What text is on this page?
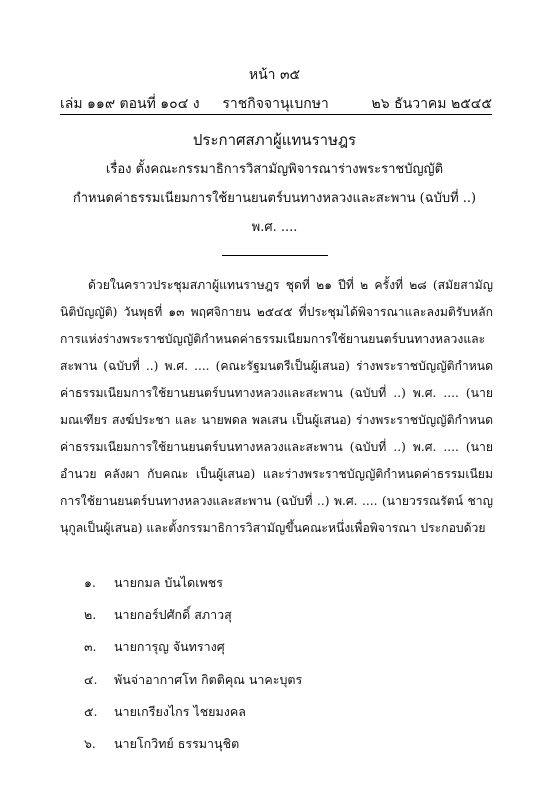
หน้า ๓๕
เล่ม ๑๑๙ ตอนที่ ๑๐๔ ง ราชกิจจานุเบกษา	๒๖ ธันวาคม ๒๕๔๕
ประกาศสภาผู้แทนราษฎร
เรื่อง ตั้งคณะกรรมาธิการวิสามัญพิจารณาร่างพระราชบัญญัติ
กำหนดค่าธรรมเนียมการใช้ยานยนตร์บนทางหลวงและสะพาน (ฉบับที่ ..)
พ.ศ. ....

ด้วยในคราวประชุมสภาผู้แทนราษฎร ชุดที่ ๒๑ ปีที่ ๒ ครั้งที่ ๒๘ (สมัยสามัญนิติบัญญัติ) วันพุธที่ ๑๓ พฤศจิกายน ๒๕๔๕ ที่ประชุมได้พิจารณาและลงมติรับหลักการแห่งร่างพระราชบัญญัติกำหนดค่าธรรมเนียมการใช้ยานยนตร์บนทางหลวงและสะพาน (ฉบับที่ ..) พ.ศ. .... (คณะรัฐมนตรีเป็นผู้เสนอ) ร่างพระราชบัญญัติกำหนดค่าธรรมเนียมการใช้ยานยนตร์บนทางหลวงและสะพาน (ฉบับที่ ..) พ.ศ. .... (นายมณเฑียร สงฆ์ประชา และ นายพดล พลเสน เป็นผู้เสนอ) ร่างพระราชบัญญัติกำหนดค่าธรรมเนียมการใช้ยานยนตร์บนทางหลวงและสะพาน (ฉบับที่ ..) พ.ศ. .... (นายอำนวย คลังผา กับคณะ เป็นผู้เสนอ) และร่างพระราชบัญญัติกำหนดค่าธรรมเนียมการใช้ยานยนตร์บนทางหลวงและสะพาน (ฉบับที่ ..) พ.ศ. .... (นายวรรณรัตน์ ชาญนุกูลเป็นผู้เสนอ) และตั้งกรรมาธิการวิสามัญขึ้นคณะหนึ่งเพื่อพิจารณา ประกอบด้วย

๑.	นายกมล บันไดเพชร
๒.	นายกอร์ปศักดิ์ สภาวสุ
๓.	นายการุญ จันทรางศุ
๔.	พันจ่าอากาศโท กิตติคุณ นาคะบุตร
๕.	นายเกรียงไกร ไชยมงคล
๖.	นายโกวิทย์ ธรรมานุชิต
